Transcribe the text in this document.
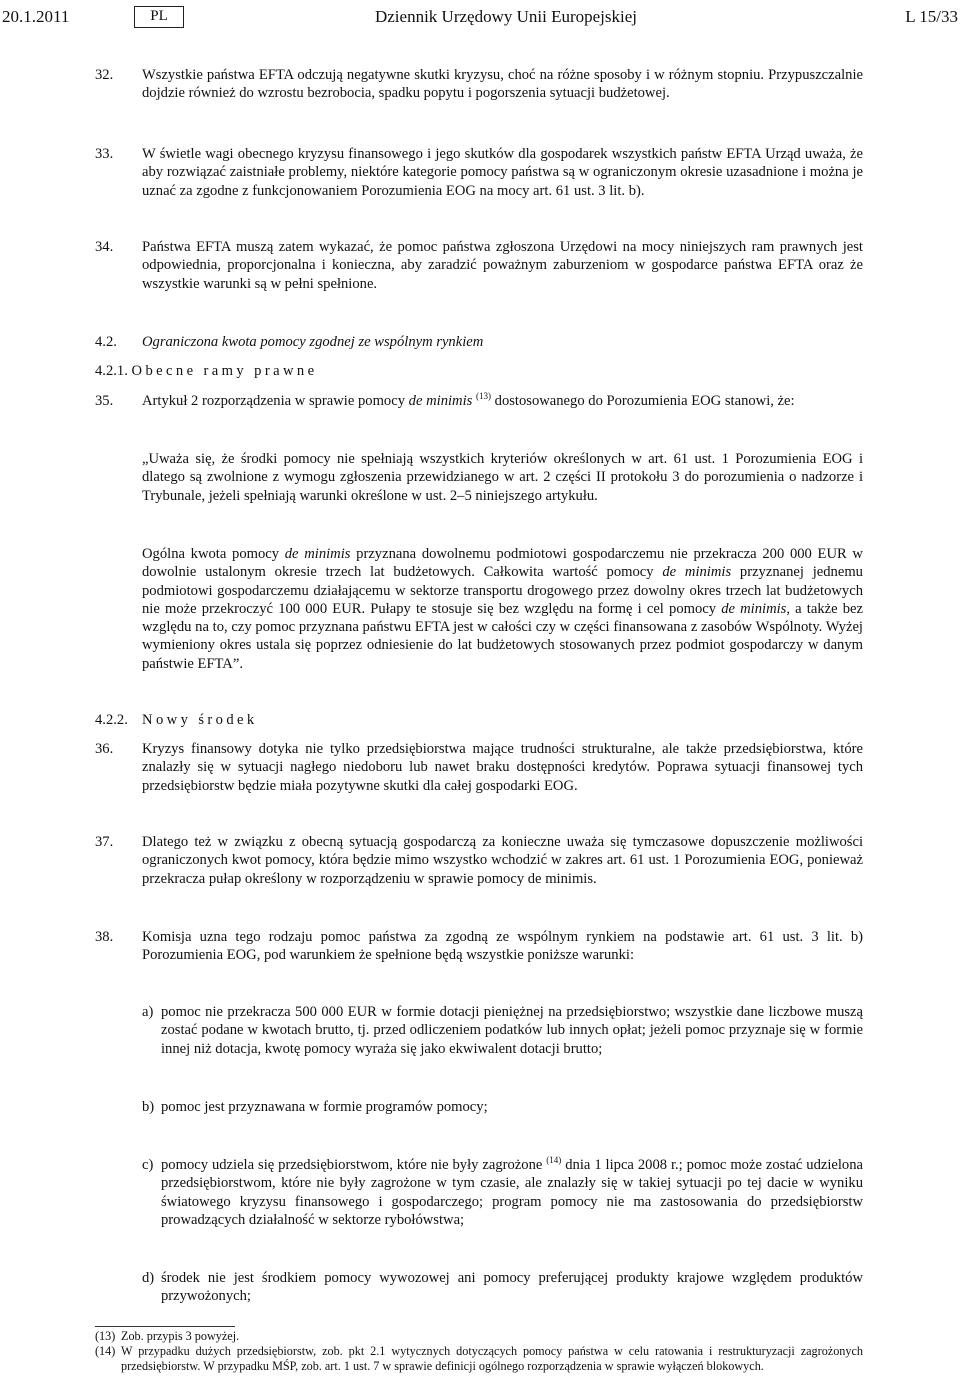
20.1.2011	PL	Dziennik Urzędowy Unii Europejskiej	L 15/33
32. Wszystkie państwa EFTA odczują negatywne skutki kryzysu, choć na różne sposoby i w różnym stopniu. Przypuszczalnie dojdzie również do wzrostu bezrobocia, spadku popytu i pogorszenia sytuacji budżetowej.
33. W świetle wagi obecnego kryzysu finansowego i jego skutków dla gospodarek wszystkich państw EFTA Urząd uważa, że aby rozwiązać zaistniałe problemy, niektóre kategorie pomocy państwa są w ograniczonym okresie uzasadnione i można je uznać za zgodne z funkcjonowaniem Porozumienia EOG na mocy art. 61 ust. 3 lit. b).
34. Państwa EFTA muszą zatem wykazać, że pomoc państwa zgłoszona Urzędowi na mocy niniejszych ram prawnych jest odpowiednia, proporcjonalna i konieczna, aby zaradzić poważnym zaburzeniom w gospodarce państwa EFTA oraz że wszystkie warunki są w pełni spełnione.
4.2. Ograniczona kwota pomocy zgodnej ze wspólnym rynkiem
4.2.1. Obecne ramy prawne
35. Artykuł 2 rozporządzenia w sprawie pomocy de minimis $^{(13)}$ dostosowanego do Porozumienia EOG stanowi, że:
„Uważa się, że środki pomocy nie spełniają wszystkich kryteriów określonych w art. 61 ust. 1 Porozumienia EOG i dlatego są zwolnione z wymogu zgłoszenia przewidzianego w art. 2 części II protokołu 3 do porozumienia o nadzorze i Trybunale, jeżeli spełniają warunki określone w ust. 2–5 niniejszego artykułu.
Ogólna kwota pomocy de minimis przyznana dowolnemu podmiotowi gospodarczemu nie przekracza 200 000 EUR w dowolnie ustalonym okresie trzech lat budżetowych. Całkowita wartość pomocy de minimis przyznanej jednemu podmiotowi gospodarczemu działającemu w sektorze transportu drogowego przez dowolny okres trzech lat budżetowych nie może przekroczyć 100 000 EUR. Pułapy te stosuje się bez względu na formę i cel pomocy de minimis, a także bez względu na to, czy pomoc przyznana państwu EFTA jest w całości czy w części finansowana z zasobów Wspólnoty. Wyżej wymieniony okres ustala się poprzez odniesienie do lat budżetowych stosowanych przez podmiot gospodarczy w danym państwie EFTA”.
4.2.2. Nowy środek
36. Kryzys finansowy dotyka nie tylko przedsiębiorstwa mające trudności strukturalne, ale także przedsiębiorstwa, które znalazły się w sytuacji nagłego niedoboru lub nawet braku dostępności kredytów. Poprawa sytuacji finansowej tych przedsiębiorstw będzie miała pozytywne skutki dla całej gospodarki EOG.
37. Dlatego też w związku z obecną sytuacją gospodarczą za konieczne uważa się tymczasowe dopuszczenie możliwości ograniczonych kwot pomocy, która będzie mimo wszystko wchodzić w zakres art. 61 ust. 1 Porozumienia EOG, ponieważ przekracza pułap określony w rozporządzeniu w sprawie pomocy de minimis.
38. Komisja uzna tego rodzaju pomoc państwa za zgodną ze wspólnym rynkiem na podstawie art. 61 ust. 3 lit. b) Porozumienia EOG, pod warunkiem że spełnione będą wszystkie poniższe warunki:
a) pomoc nie przekracza 500 000 EUR w formie dotacji pieniężnej na przedsiębiorstwo; wszystkie dane liczbowe muszą zostać podane w kwotach brutto, tj. przed odliczeniem podatków lub innych opłat; jeżeli pomoc przyznaje się w formie innej niż dotacja, kwotę pomocy wyraża się jako ekwiwalent dotacji brutto;
b) pomoc jest przyznawana w formie programów pomocy;
c) pomocy udziela się przedsiębiorstwom, które nie były zagrożone $^{(14)}$ dnia 1 lipca 2008 r.; pomoc może zostać udzielona przedsiębiorstwom, które nie były zagrożone w tym czasie, ale znalazły się w takiej sytuacji po tej dacie w wyniku światowego kryzysu finansowego i gospodarczego; program pomocy nie ma zastosowania do przedsiębiorstw prowadzących działalność w sektorze rybołówstwa;
d) środek nie jest środkiem pomocy wywozowej ani pomocy preferującej produkty krajowe względem produktów przywożonych;
(13) Zob. przypis 3 powyżej.
(14) W przypadku dużych przedsiębiorstw, zob. pkt 2.1 wytycznych dotyczących pomocy państwa w celu ratowania i restrukturyzacji zagrożonych przedsiębiorstw. W przypadku MŚP, zob. art. 1 ust. 7 w sprawie definicji ogólnego rozporządzenia w sprawie wyłączeń blokowych.
